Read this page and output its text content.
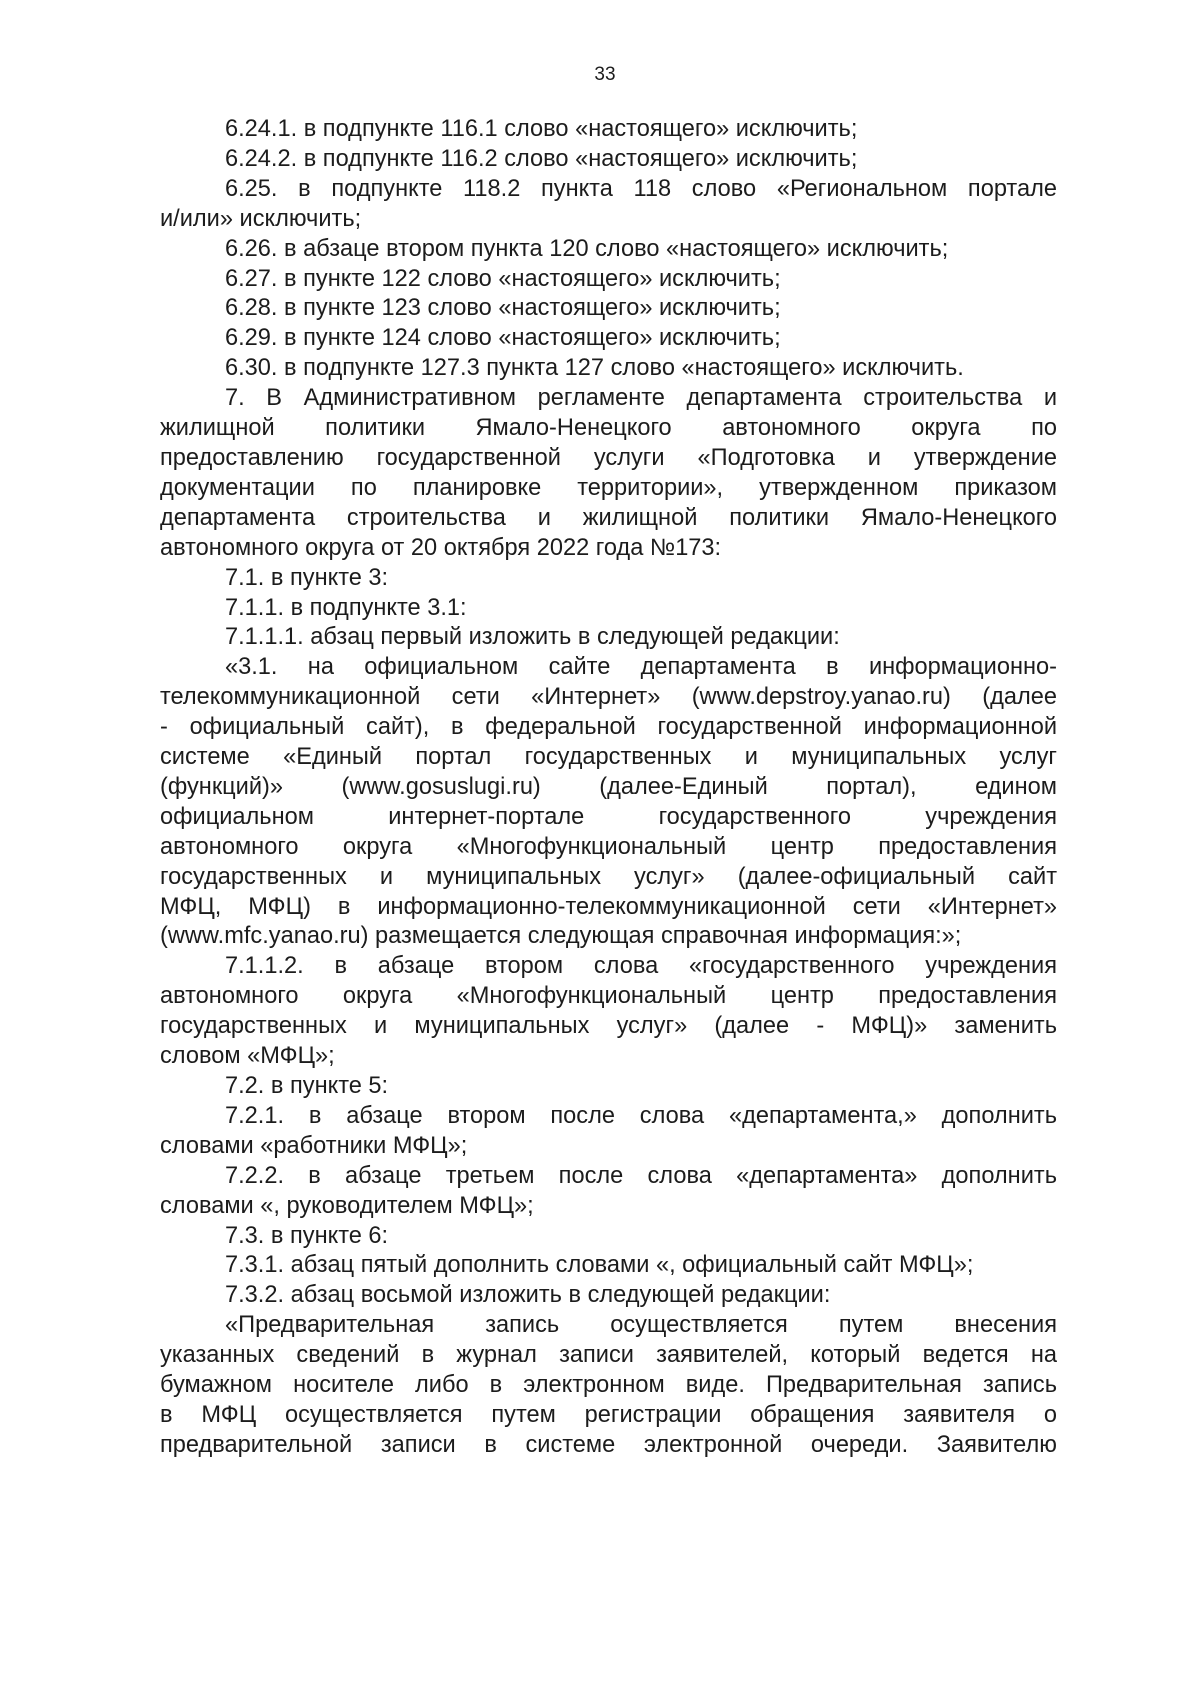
33
6.24.1. в подпункте 116.1 слово «настоящего» исключить;
6.24.2. в подпункте 116.2 слово «настоящего» исключить;
6.25. в подпункте 118.2 пункта 118 слово «Региональном портале
и/или» исключить;
6.26. в абзаце втором пункта 120 слово «настоящего» исключить;
6.27. в пункте 122 слово «настоящего» исключить;
6.28. в пункте 123 слово «настоящего» исключить;
6.29. в пункте 124 слово «настоящего» исключить;
6.30. в подпункте 127.3 пункта 127 слово «настоящего» исключить.
7. В Административном регламенте департамента строительства и
жилищной политики Ямало-Ненецкого автономного округа по
предоставлению государственной услуги «Подготовка и утверждение
документации по планировке территории», утвержденном приказом
департамента строительства и жилищной политики Ямало-Ненецкого
автономного округа от 20 октября 2022 года №173:
7.1. в пункте 3:
7.1.1. в подпункте 3.1:
7.1.1.1. абзац первый изложить в следующей редакции:
«3.1. на официальном сайте департамента в информационно-
телекоммуникационной сети «Интернет» (www.depstroy.yanao.ru) (далее
- официальный сайт), в федеральной государственной информационной
системе «Единый портал государственных и муниципальных услуг
(функций)» (www.gosuslugi.ru) (далее-Единый портал), едином
официальном интернет-портале государственного учреждения
автономного округа «Многофункциональный центр предоставления
государственных и муниципальных услуг» (далее-официальный сайт
МФЦ, МФЦ) в информационно-телекоммуникационной сети «Интернет»
(www.mfc.yanao.ru) размещается следующая справочная информация:»;
7.1.1.2. в абзаце втором слова «государственного учреждения
автономного округа «Многофункциональный центр предоставления
государственных и муниципальных услуг» (далее - МФЦ)» заменить
словом «МФЦ»;
7.2. в пункте 5:
7.2.1. в абзаце втором после слова «департамента,» дополнить
словами «работники МФЦ»;
7.2.2. в абзаце третьем после слова «департамента» дополнить
словами «, руководителем МФЦ»;
7.3. в пункте 6:
7.3.1. абзац пятый дополнить словами «, официальный сайт МФЦ»;
7.3.2. абзац восьмой изложить в следующей редакции:
«Предварительная запись осуществляется путем внесения
указанных сведений в журнал записи заявителей, который ведется на
бумажном носителе либо в электронном виде. Предварительная запись
в МФЦ осуществляется путем регистрации обращения заявителя о
предварительной записи в системе электронной очереди. Заявителю
